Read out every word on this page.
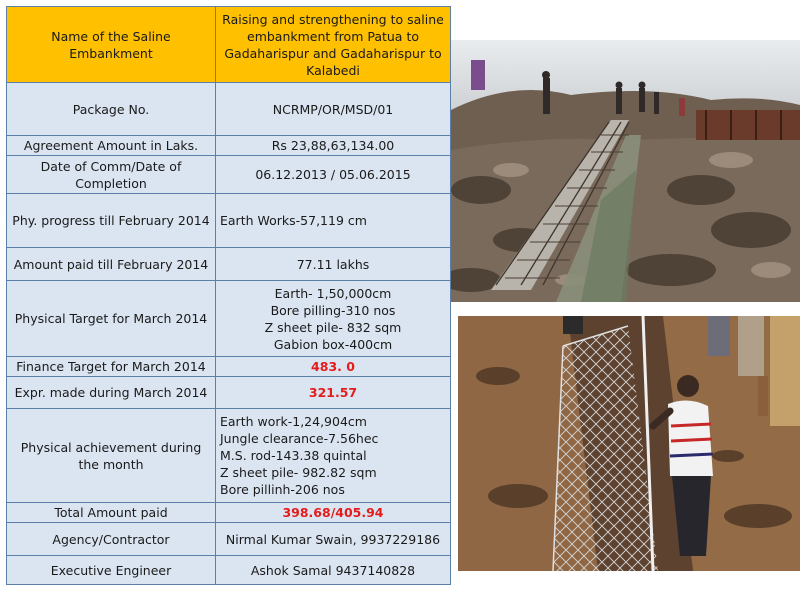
Name of the Saline Embankment	Raising and strengthening to saline embankment from Patua to Gadaharispur and Gadaharispur to Kalabedi
Package No.	NCRMP/OR/MSD/01
Agreement Amount in Laks.	Rs 23,88,63,134.00
Date of Comm/Date of Completion	06.12.2013 / 05.06.2015
Phy. progress till February 2014	Earth Works-57,119 cm
Amount paid till February 2014	77.11 lakhs
Physical Target for March 2014	Earth- 1,50,000cm
Bore pilling-310 nos
Z sheet pile- 832 sqm
Gabion box-400cm

Finance Target for March 2014	483. 0
Expr. made during March 2014	321.57
Physical achievement during the month	Earth work-1,24,904cm
Jungle clearance-7.56hec
M.S. rod-143.38 quintal
Z sheet pile- 982.82 sqm
Bore pillinh-206 nos

Total Amount paid	398.68/405.94
Agency/Contractor	Nirmal Kumar Swain, 9937229186
Executive Engineer	Ashok Samal 9437140828
